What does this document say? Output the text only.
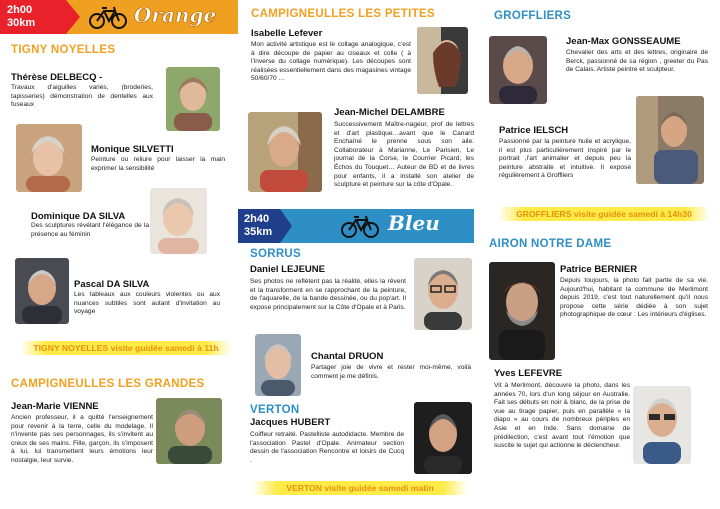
2h00
30km	Orange
TIGNY NOYELLES
Thérèse DELBECQ -
Travaux d'aiguilles variés, (broderies, tapisseries) démonstration de dentelles aux fuseaux
Monique SILVETTI
Peinture ou reliure pour laisser la main exprimer la sensibilité
Dominique DA SILVA
Des sculptures révélant l'élégance de la présence au féminin
Pascal DA SILVA
Les tableaux aux couleurs violentes ou aux nuances subtiles sont autant d'invitation au voyage
TIGNY NOYELLES visite guidée samedi à 11h
CAMPIGNEULLES LES GRANDES
Jean-Marie VIENNE
Ancien professeur, il a quitté l'enseignement pour revenir à la terre, celle du modelage. Il n'invente pas ses personnages, ils s'invitent au creux de ses mains. Fille, garçon, ils s'imposent à lui, lui transmettent leurs émotions leur nostalgie, leur survie.
CAMPIGNEULLES LES PETITES
Isabelle Lefever
Mon activité artistique est le collage analogique, c'est à dire découpe de papier au ciseaux et colle ( à l'inverse du collage numérique). Les découpes sont réalisées essentiellement dans des magasines vintage 50/60/70 …
Jean-Michel DELAMBRE
Successivement Maître-nageur, prof de lettres et d'art plastique…avant que le Canard Enchaîné le prenne sous son aile. Collaborateur à Marianne, Le Parisien, Le journal de la Corse, le Courrier Picard, les Échos du Touquet… Auteur de BD et de livres pour enfants, il a installé son atelier de sculpture et peinture sur la côte d'Opale.
2h40
35km	Bleu
SORRUS
Daniel LEJEUNE
Ses photos ne reflètent pas la réalité, elles la rêvent et la transforment en se rapprochant de la peinture, de l'aquarelle, de la bande dessinée, ou du pop'art. Il expose principalement sur la Côte d'Opale et à Paris.
Chantal DRUON
Partager joie de vivre et rester moi-même, voilà comment je me définis.
VERTON
Jacques HUBERT
Coiffeur retraité. Pastelliste autodidacte. Membre de l'association Pastel d'Opale. Animateur section dessin de l'association Rencontre et loisirs de Cucq .
VERTON visite guidée samedi matin
GROFFLIERS
Jean-Max GONSSEAUME
Chevalier des arts et des lettres, originaire de Berck, passionné de sa région , greeter du Pas de Calais. Artiste peintre et sculpteur.
Patrice IELSCH
Passionné par la peinture huile et acrylique, il est plus particulièrement inspiré par le portrait ,l'art animalier et depuis peu la peinture abstraite et intuitive. Il expose régulièrement à Groffliers
GROFFLIERS visite guidée samedi à 14h30
AIRON NOTRE DAME
Patrice BERNIER
Depuis toujours, la photo fait partie de sa vie. Aujourd'hui, habitant la commune de Merlimont depuis 2019, c'est tout naturellement qu'il nous propose cette série dédiée à son sujet photographique de cœur : Les intérieurs d'églises.
Yves LEFEVRE
Vit à Merlimont, découvre la photo, dans les années 70, lors d'un long séjour en Australie. Fait ses débuts en noir & blanc, de la prise de vue au tirage papier, puis en parallèle « la diapo » au cours de nombreux périples en Asie et en Inde. Sans domaine de prédilection, c'est avant tout l'émotion que suscite le sujet qui actionne le déclencheur.
